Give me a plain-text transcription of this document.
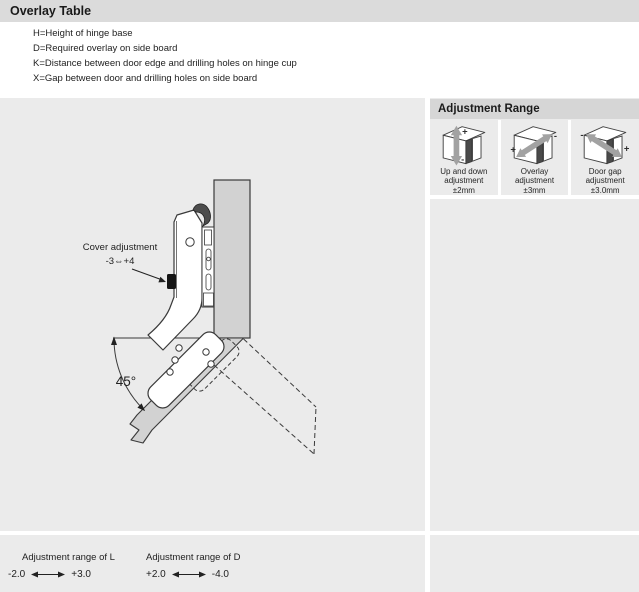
Overlay Table
H=Height of hinge base
D=Required overlay on side board
K=Distance between door edge and drilling holes on hinge cup
X=Gap between door and drilling holes on side board
Cover adjustment
-3⇔+4
45°
Adjustment Range
+
-
Up and down
adjustment
±2mm
+
-
Overlay
adjustment
±3mm
-
+
Door gap
adjustment
±3.0mm
Adjustment range of L
-2.0	+3.0
Adjustment range of D
+2.0	-4.0
